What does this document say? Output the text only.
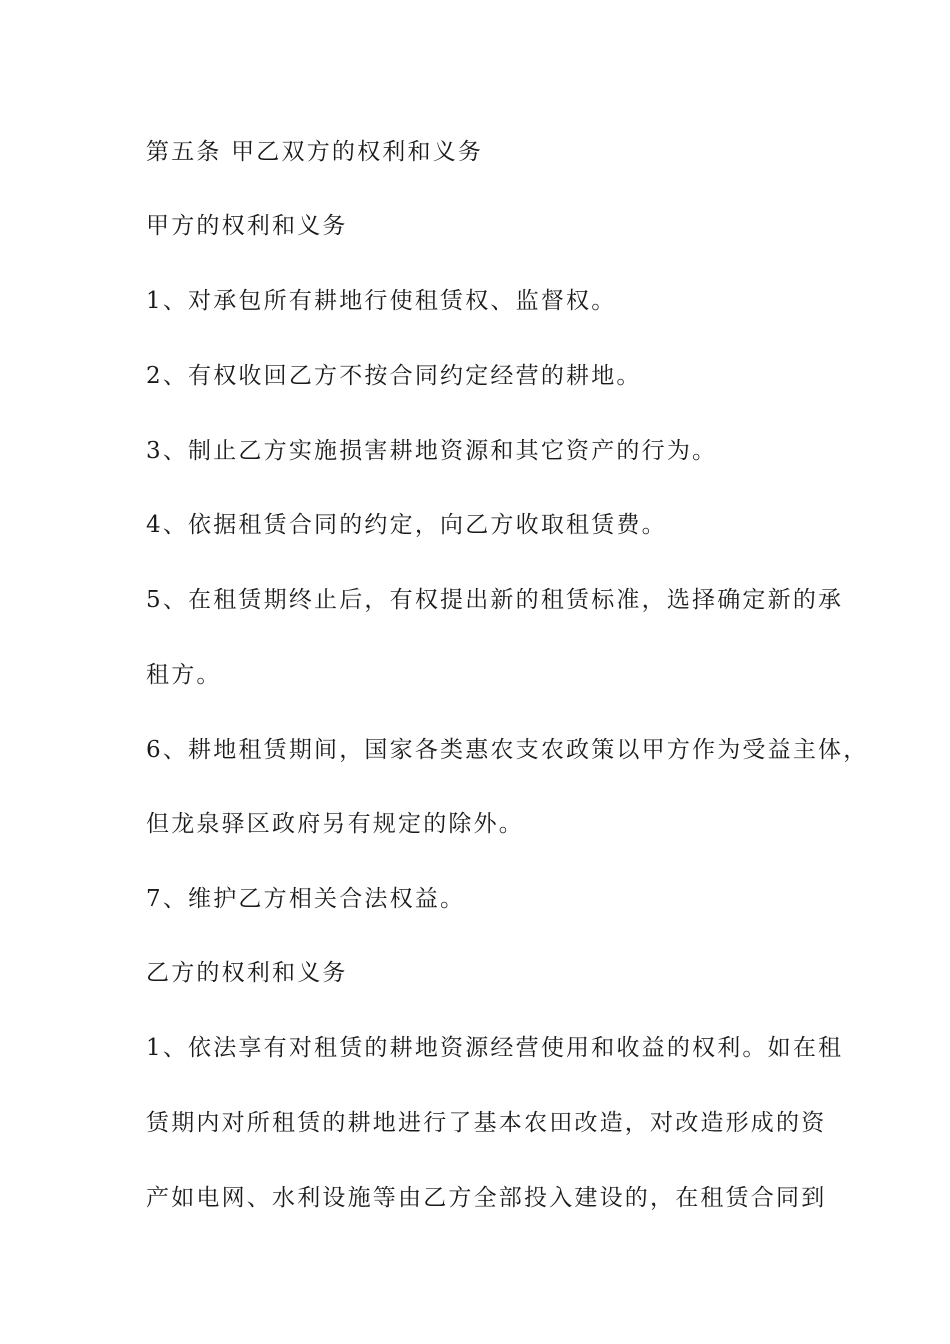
第五条 甲乙双方的权利和义务

甲方的权利和义务

1、对承包所有耕地行使租赁权、监督权。

2、有权收回乙方不按合同约定经营的耕地。

3、制止乙方实施损害耕地资源和其它资产的行为。

4、依据租赁合同的约定，向乙方收取租赁费。

5、在租赁期终止后，有权提出新的租赁标准，选择确定新的承

租方。

6、耕地租赁期间，国家各类惠农支农政策以甲方作为受益主体，

但龙泉驿区政府另有规定的除外。

7、维护乙方相关合法权益。

乙方的权利和义务

1、依法享有对租赁的耕地资源经营使用和收益的权利。如在租

赁期内对所租赁的耕地进行了基本农田改造，对改造形成的资

产如电网、水利设施等由乙方全部投入建设的，在租赁合同到
